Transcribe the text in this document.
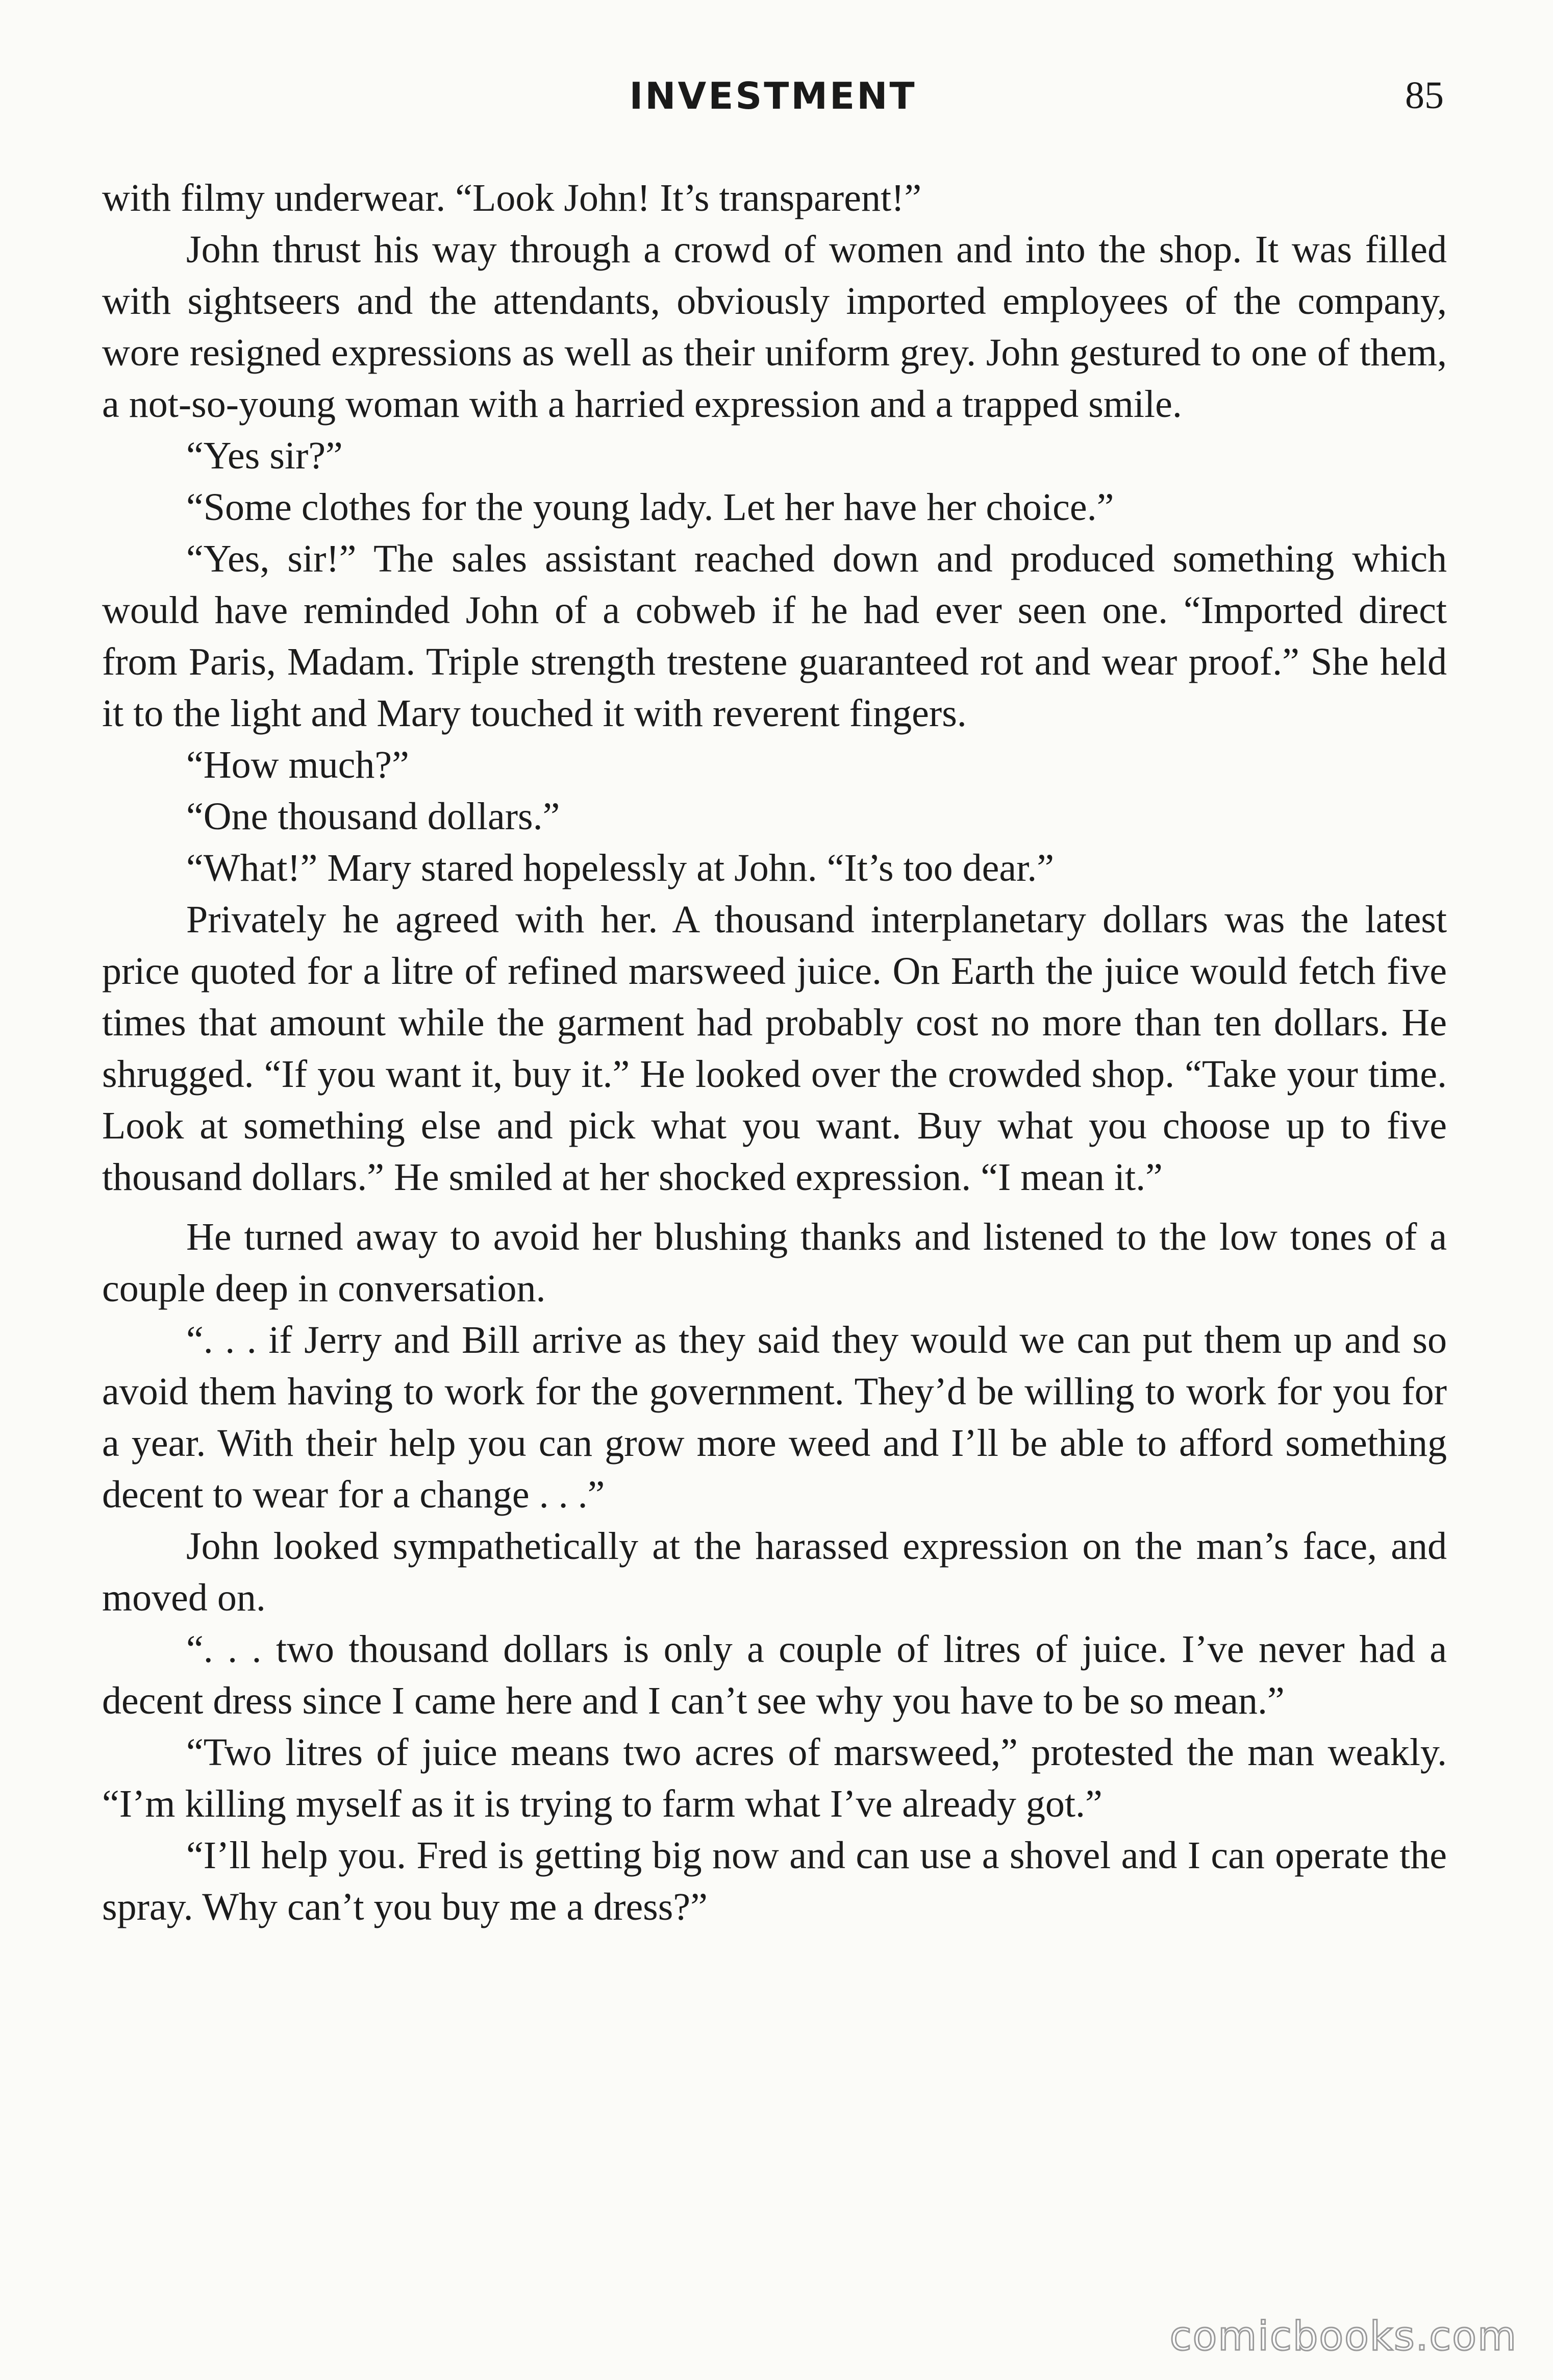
INVESTMENT	85

with filmy underwear. “Look John! It’s transparent!”

John thrust his way through a crowd of women and into the shop. It was filled with sightseers and the attendants, obviously imported employees of the company, wore resigned expressions as well as their uniform grey. John gestured to one of them, a not-so-young woman with a harried expression and a trapped smile.

“Yes sir?”

“Some clothes for the young lady. Let her have her choice.”

“Yes, sir!” The sales assistant reached down and produced something which would have reminded John of a cobweb if he had ever seen one. “Imported direct from Paris, Madam. Triple strength trestene guaranteed rot and wear proof.” She held it to the light and Mary touched it with reverent fingers.

“How much?”

“One thousand dollars.”

“What!” Mary stared hopelessly at John. “It’s too dear.”

Privately he agreed with her. A thousand interplanetary dollars was the latest price quoted for a litre of refined marsweed juice. On Earth the juice would fetch five times that amount while the garment had probably cost no more than ten dollars. He shrugged. “If you want it, buy it.” He looked over the crowded shop. “Take your time. Look at something else and pick what you want. Buy what you choose up to five thousand dollars.” He smiled at her shocked expression. “I mean it.”

He turned away to avoid her blushing thanks and listened to the low tones of a couple deep in conversation.

“. . . if Jerry and Bill arrive as they said they would we can put them up and so avoid them having to work for the government. They’d be willing to work for you for a year. With their help you can grow more weed and I’ll be able to afford something decent to wear for a change . . .”

John looked sympathetically at the harassed expression on the man’s face, and moved on.

“. . . two thousand dollars is only a couple of litres of juice. I’ve never had a decent dress since I came here and I can’t see why you have to be so mean.”

“Two litres of juice means two acres of marsweed,” protested the man weakly. “I’m killing myself as it is trying to farm what I’ve already got.”

“I’ll help you. Fred is getting big now and can use a shovel and I can operate the spray. Why can’t you buy me a dress?”

comicbooks.com
